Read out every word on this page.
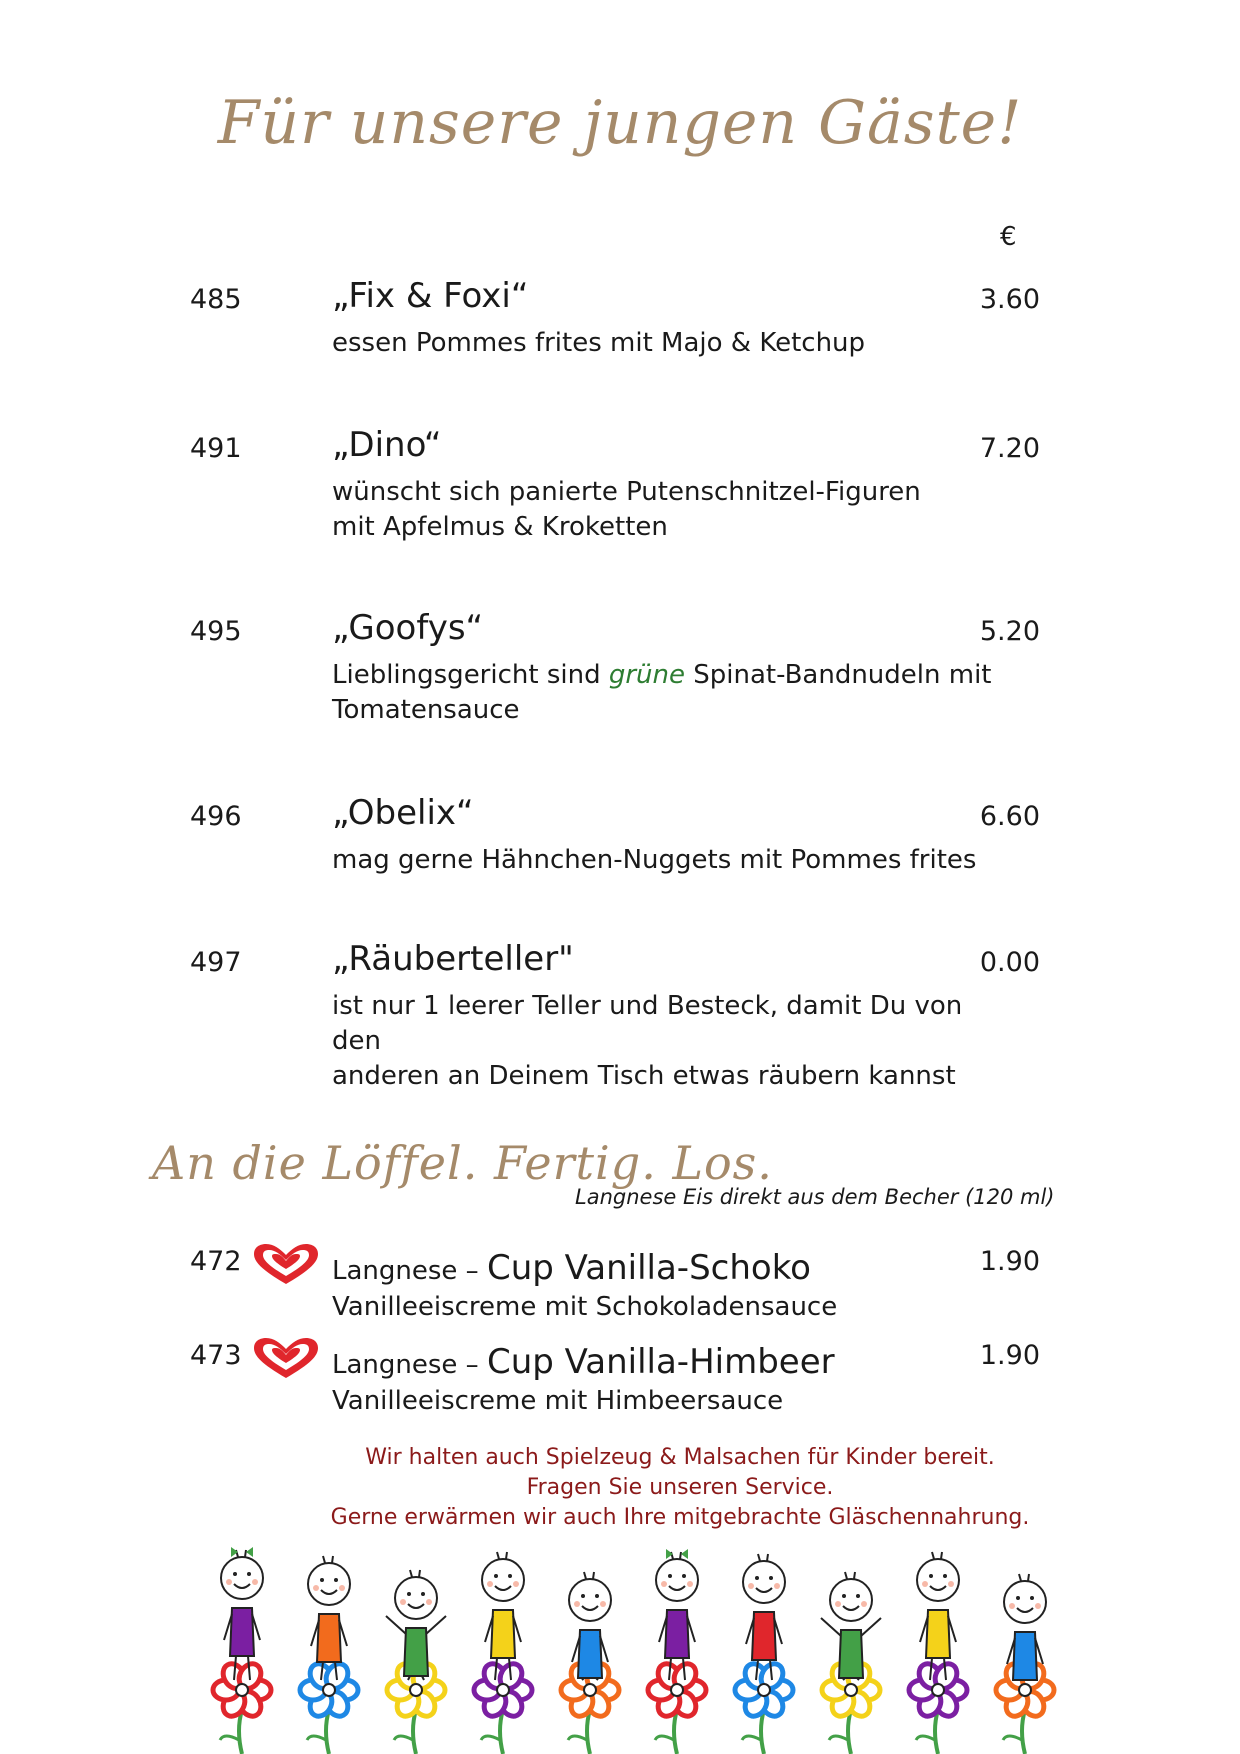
Für unsere jungen Gäste!
€
485	„Fix & Foxi“	3.60
essen Pommes frites mit Majo & Ketchup
491	„Dino“	7.20
wünscht sich panierte Putenschnitzel-Figuren
mit Apfelmus & Kroketten
495	„Goofys“	5.20
Lieblingsgericht sind grüne Spinat-Bandnudeln mit
Tomatensauce
496	„Obelix“	6.60
mag gerne Hähnchen-Nuggets mit Pommes frites
497	„Räuberteller"	0.00
ist nur 1 leerer Teller und Besteck, damit Du von den
anderen an Deinem Tisch etwas räubern kannst
An die Löffel. Fertig. Los.
Langnese Eis direkt aus dem Becher (120 ml)
472	Langnese – Cup Vanilla-Schoko	1.90
Vanilleeiscreme mit Schokoladensauce
473	Langnese – Cup Vanilla-Himbeer	1.90
Vanilleeiscreme mit Himbeersauce
Wir halten auch Spielzeug & Malsachen für Kinder bereit.
Fragen Sie unseren Service.
Gerne erwärmen wir auch Ihre mitgebrachte Gläschennahrung.
